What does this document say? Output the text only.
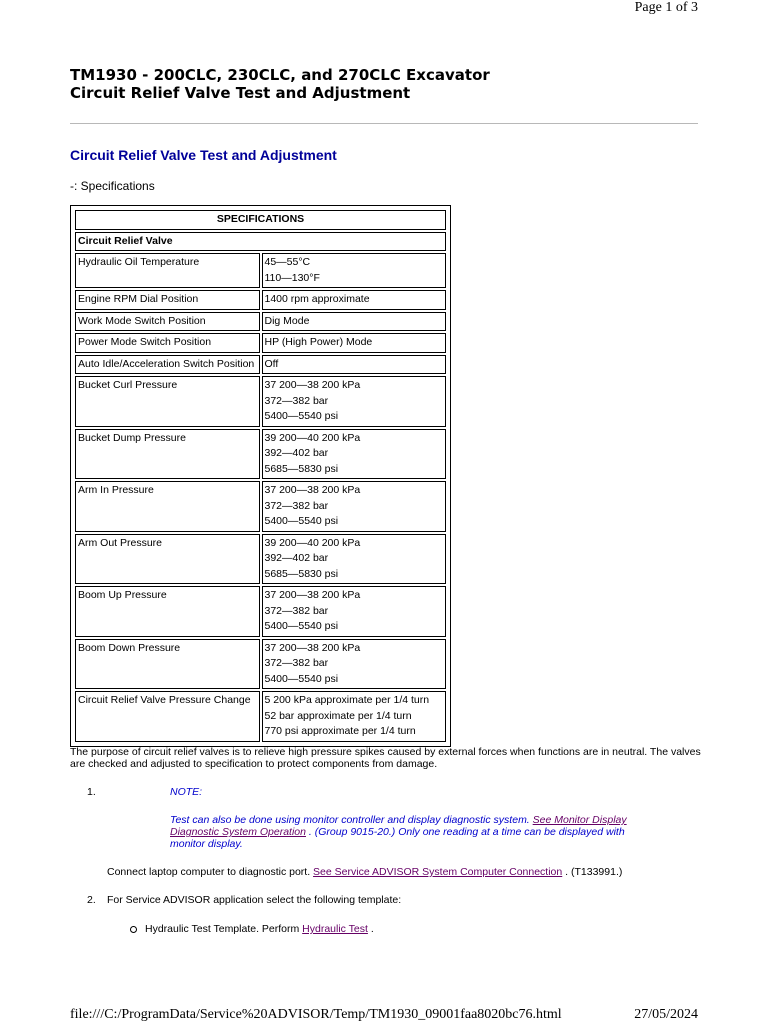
Page 1 of 3
TM1930 - 200CLC, 230CLC, and 270CLC Excavator
Circuit Relief Valve Test and Adjustment
Circuit Relief Valve Test and Adjustment
-: Specifications
SPECIFICATIONS	
Circuit Relief Valve	
Hydraulic Oil Temperature	45—55°C
110—130°F

Engine RPM Dial Position	1400 rpm approximate

Work Mode Switch Position	Dig Mode

Power Mode Switch Position	HP (High Power) Mode

Auto Idle/Acceleration Switch Position	Off

Bucket Curl Pressure	37 200—38 200 kPa
372—382 bar
5400—5540 psi

Bucket Dump Pressure	39 200—40 200 kPa
392—402 bar
5685—5830 psi

Arm In Pressure	37 200—38 200 kPa
372—382 bar
5400—5540 psi

Arm Out Pressure	39 200—40 200 kPa
392—402 bar
5685—5830 psi

Boom Up Pressure	37 200—38 200 kPa
372—382 bar
5400—5540 psi

Boom Down Pressure	37 200—38 200 kPa
372—382 bar
5400—5540 psi

Circuit Relief Valve Pressure Change	5 200 kPa approximate per 1/4 turn
52 bar approximate per 1/4 turn
770 psi approximate per 1/4 turn
The purpose of circuit relief valves is to relieve high pressure spikes caused by external forces when functions are in neutral. The valves are checked and adjusted to specification to protect components from damage.
1.	NOTE:
Test can also be done using monitor controller and display diagnostic system. See Monitor Display Diagnostic System Operation . (Group 9015-20.) Only one reading at a time can be displayed with monitor display.
Connect laptop computer to diagnostic port. See Service ADVISOR System Computer Connection . (T133991.)
2. For Service ADVISOR application select the following template:
Hydraulic Test Template. Perform Hydraulic Test .
file:///C:/ProgramData/Service%20ADVISOR/Temp/TM1930_09001faa8020bc76.html	27/05/2024
